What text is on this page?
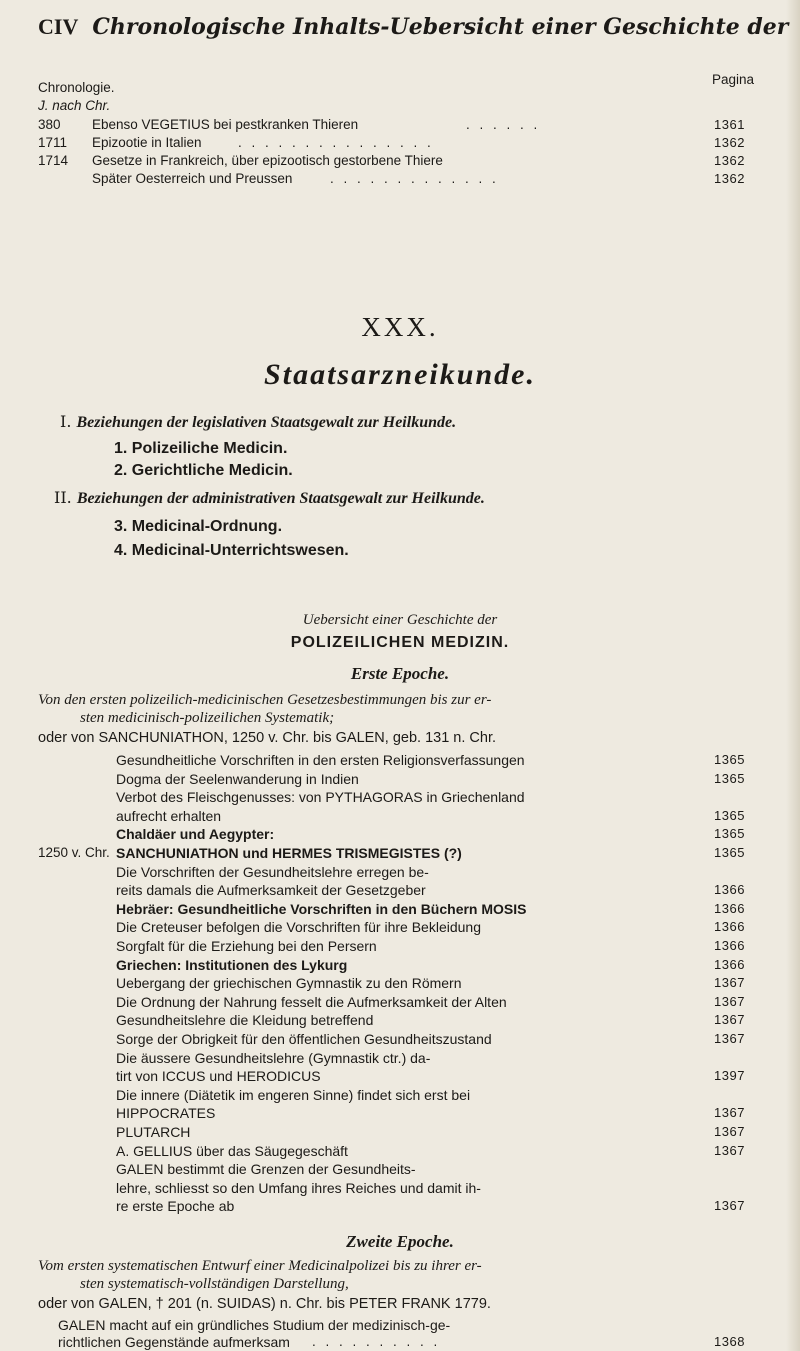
CIV Chronologische Inhalts-Uebersicht einer Geschichte der
Chronologie.
J. nach Chr.
Pagina
380 Ebenso VEGETIUS bei pestkranken Thieren	. . . . . .	1361
1711 Epizootie in Italien	. . . . . . . . . . . . . . .	1362
1714 Gesetze in Frankreich, über epizootisch gestorbene Thiere	1362
Später Oesterreich und Preussen	. . . . . . . . . . . . .	1362
XXX.
Staatsarzneikunde.
I. Beziehungen der legislativen Staatsgewalt zur Heilkunde.
1. Polizeiliche Medicin.
2. Gerichtliche Medicin.
II. Beziehungen der administrativen Staatsgewalt zur Heilkunde.
3. Medicinal-Ordnung.
4. Medicinal-Unterrichtswesen.
Uebersicht einer Geschichte der
POLIZEILICHEN MEDIZIN.
Erste Epoche.
Von den ersten polizeilich-medicinischen Gesetzesbestimmungen bis zur er-
sten medicinisch-polizeilichen Systematik;
oder von SANCHUNIATHON, 1250 v. Chr. bis GALEN, geb. 131 n. Chr.
Gesundheitliche Vorschriften in den ersten Religionsverfassungen	1365
Dogma der Seelenwanderung in Indien	1365
Verbot des Fleischgenusses: von PYTHAGORAS in Griechenland
aufrecht erhalten	1365
Chaldäer und Aegypter:	1365
1250 v. Chr. SANCHUNIATHON und HERMES TRISMEGISTES (?)	1365
Die Vorschriften der Gesundheitslehre erregen be-
reits damals die Aufmerksamkeit der Gesetzgeber	1366
Hebräer: Gesundheitliche Vorschriften in den Büchern MOSIS	1366
Die Creteuser befolgen die Vorschriften für ihre Bekleidung	1366
Sorgfalt für die Erziehung bei den Persern	1366
Griechen: Institutionen des Lykurg	1366
Uebergang der griechischen Gymnastik zu den Römern	1367
Die Ordnung der Nahrung fesselt die Aufmerksamkeit der Alten	1367
Gesundheitslehre die Kleidung betreffend	1367
Sorge der Obrigkeit für den öffentlichen Gesundheitszustand	1367
Die äussere Gesundheitslehre (Gymnastik ctr.) da-
tirt von ICCUS und HERODICUS	1397
Die innere (Diätetik im engeren Sinne) findet sich erst bei
HIPPOCRATES	1367
PLUTARCH	1367
A. GELLIUS über das Säugegeschäft	1367
GALEN bestimmt die Grenzen der Gesundheits-
lehre, schliesst so den Umfang ihres Reiches und damit ih-
re erste Epoche ab	1367
Zweite Epoche.
Vom ersten systematischen Entwurf einer Medicinalpolizei bis zu ihrer er-
sten systematisch-vollständigen Darstellung,
oder von GALEN, † 201 (n. SUIDAS) n. Chr. bis PETER FRANK 1779.
GALEN macht auf ein gründliches Studium der medizinisch-ge-
richtlichen Gegenstände aufmerksam . . . . . . . . . .	1368
